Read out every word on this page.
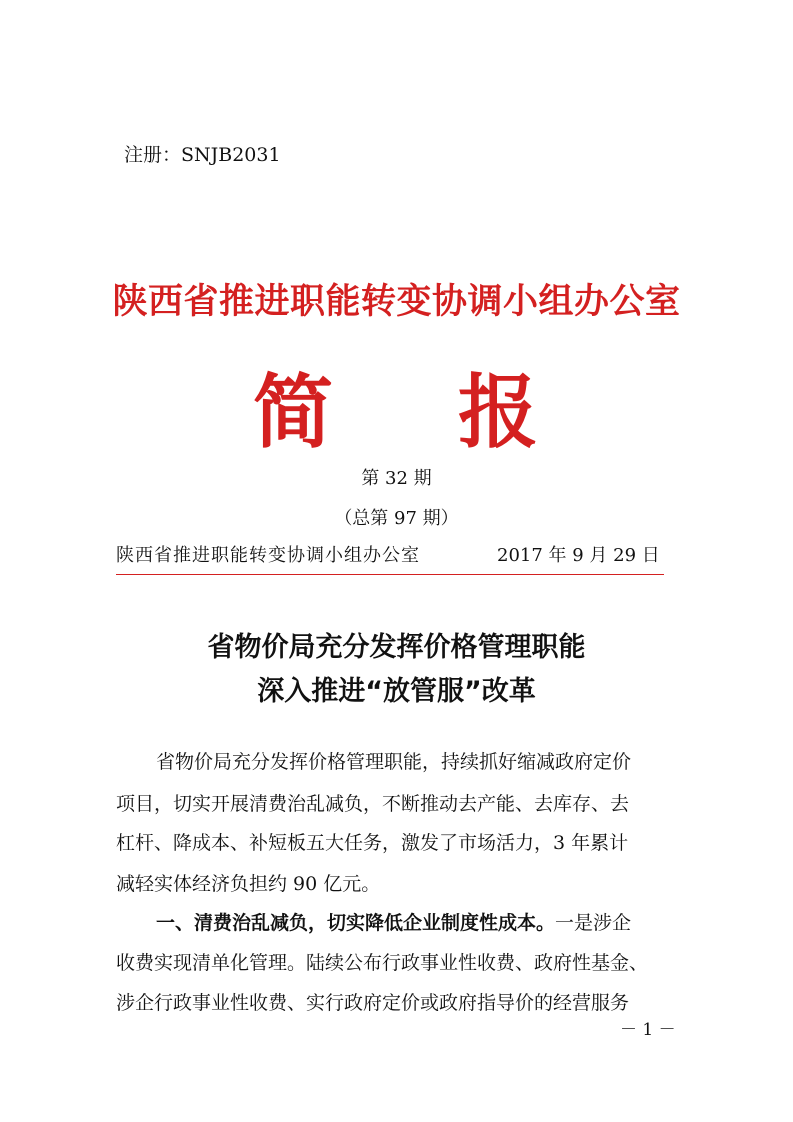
注册：SNJB2031
陕西省推进职能转变协调小组办公室
简 报
第 32 期
（总第 97 期）
陕西省推进职能转变协调小组办公室	2017 年 9 月 29 日
省物价局充分发挥价格管理职能
深入推进“放管服”改革
省物价局充分发挥价格管理职能，持续抓好缩减政府定价
项目，切实开展清费治乱减负，不断推动去产能、去库存、去
杠杆、降成本、补短板五大任务，激发了市场活力，3 年累计
减轻实体经济负担约 90 亿元。
一、清费治乱减负，切实降低企业制度性成本。一是涉企
收费实现清单化管理。陆续公布行政事业性收费、政府性基金、
涉企行政事业性收费、实行政府定价或政府指导价的经营服务
－ 1 －
